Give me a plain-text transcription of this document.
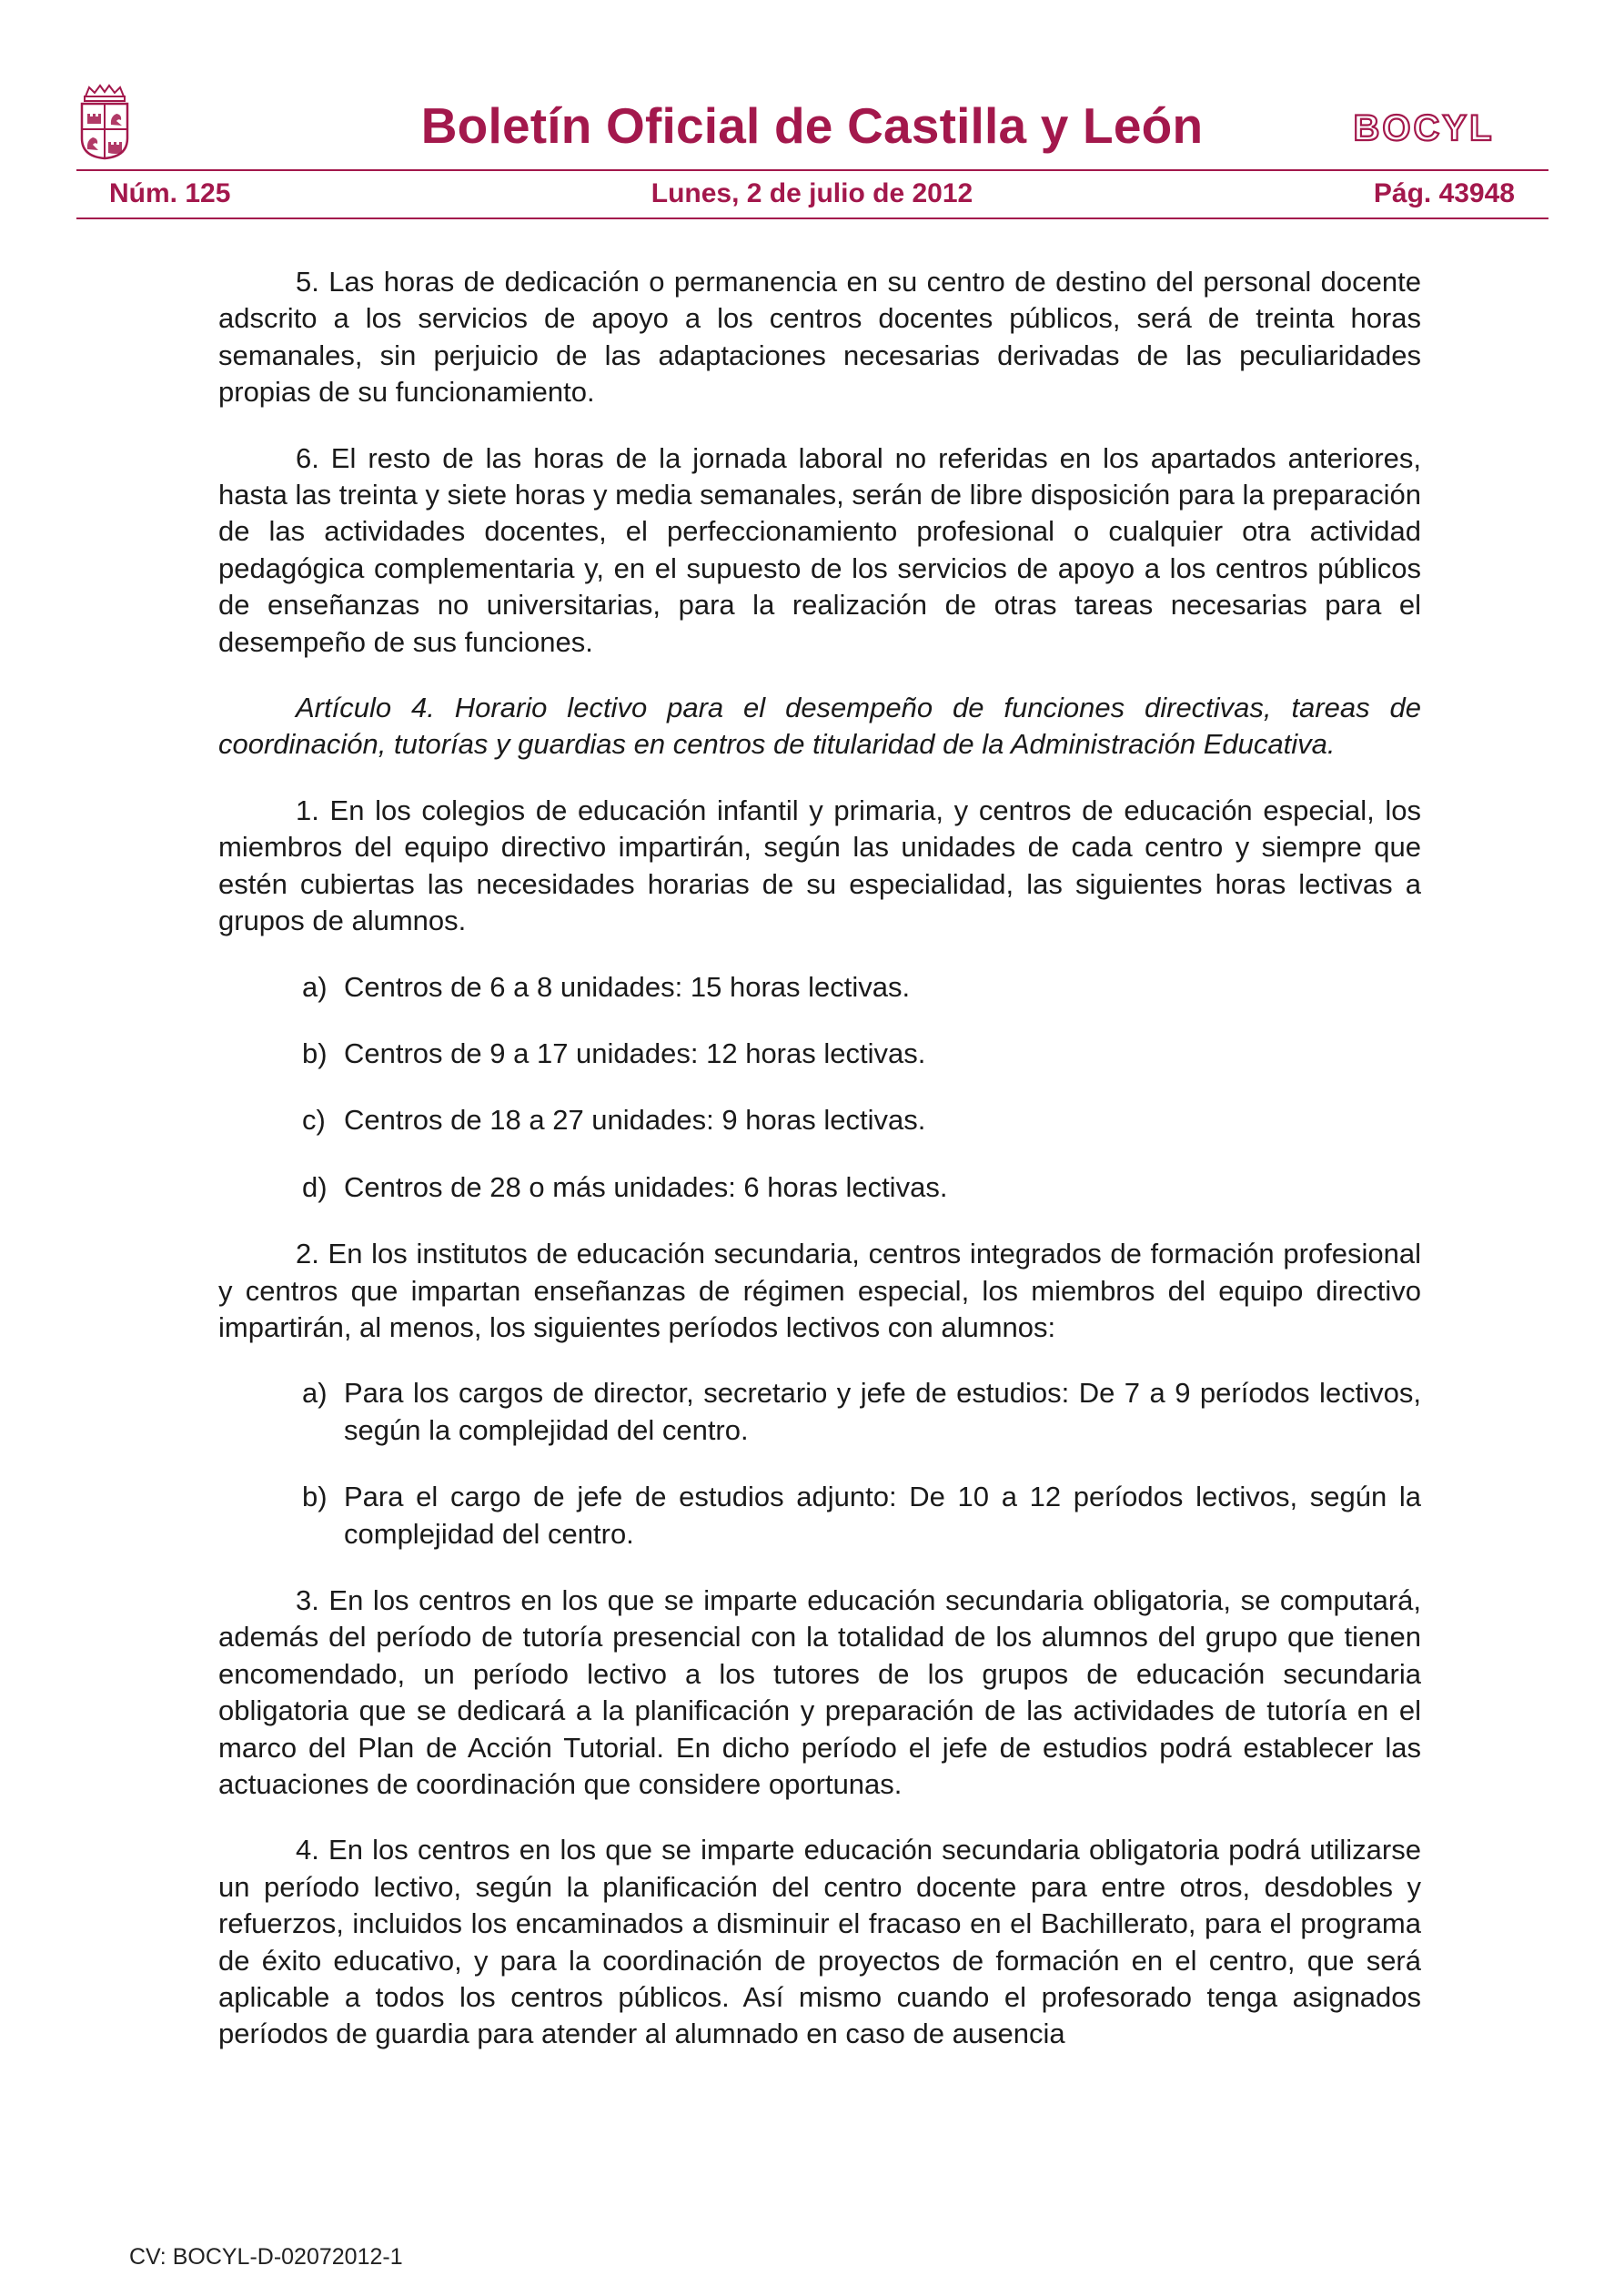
Boletín Oficial de Castilla y León	BOCYL
Núm. 125	Lunes, 2 de julio de 2012	Pág. 43948

5. Las horas de dedicación o permanencia en su centro de destino del personal docente adscrito a los servicios de apoyo a los centros docentes públicos, será de treinta horas semanales, sin perjuicio de las adaptaciones necesarias derivadas de las peculiaridades propias de su funcionamiento.

6. El resto de las horas de la jornada laboral no referidas en los apartados anteriores, hasta las treinta y siete horas y media semanales, serán de libre disposición para la preparación de las actividades docentes, el perfeccionamiento profesional o cualquier otra actividad pedagógica complementaria y, en el supuesto de los servicios de apoyo a los centros públicos de enseñanzas no universitarias, para la realización de otras tareas necesarias para el desempeño de sus funciones.

Artículo 4. Horario lectivo para el desempeño de funciones directivas, tareas de coordinación, tutorías y guardias en centros de titularidad de la Administración Educativa.

1. En los colegios de educación infantil y primaria, y centros de educación especial, los miembros del equipo directivo impartirán, según las unidades de cada centro y siempre que estén cubiertas las necesidades horarias de su especialidad, las siguientes horas lectivas a grupos de alumnos.

a) Centros de 6 a 8 unidades: 15 horas lectivas.
b) Centros de 9 a 17 unidades: 12 horas lectivas.
c) Centros de 18 a 27 unidades: 9 horas lectivas.
d) Centros de 28 o más unidades: 6 horas lectivas.

2. En los institutos de educación secundaria, centros integrados de formación profesional y centros que impartan enseñanzas de régimen especial, los miembros del equipo directivo impartirán, al menos, los siguientes períodos lectivos con alumnos:

a) Para los cargos de director, secretario y jefe de estudios: De 7 a 9 períodos lectivos, según la complejidad del centro.
b) Para el cargo de jefe de estudios adjunto: De 10 a 12 períodos lectivos, según la complejidad del centro.

3. En los centros en los que se imparte educación secundaria obligatoria, se computará, además del período de tutoría presencial con la totalidad de los alumnos del grupo que tienen encomendado, un período lectivo a los tutores de los grupos de educación secundaria obligatoria que se dedicará a la planificación y preparación de las actividades de tutoría en el marco del Plan de Acción Tutorial. En dicho período el jefe de estudios podrá establecer las actuaciones de coordinación que considere oportunas.

4. En los centros en los que se imparte educación secundaria obligatoria podrá utilizarse un período lectivo, según la planificación del centro docente para entre otros, desdobles y refuerzos, incluidos los encaminados a disminuir el fracaso en el Bachillerato, para el programa de éxito educativo, y para la coordinación de proyectos de formación en el centro, que será aplicable a todos los centros públicos. Así mismo cuando el profesorado tenga asignados períodos de guardia para atender al alumnado en caso de ausencia

CV: BOCYL-D-02072012-1
